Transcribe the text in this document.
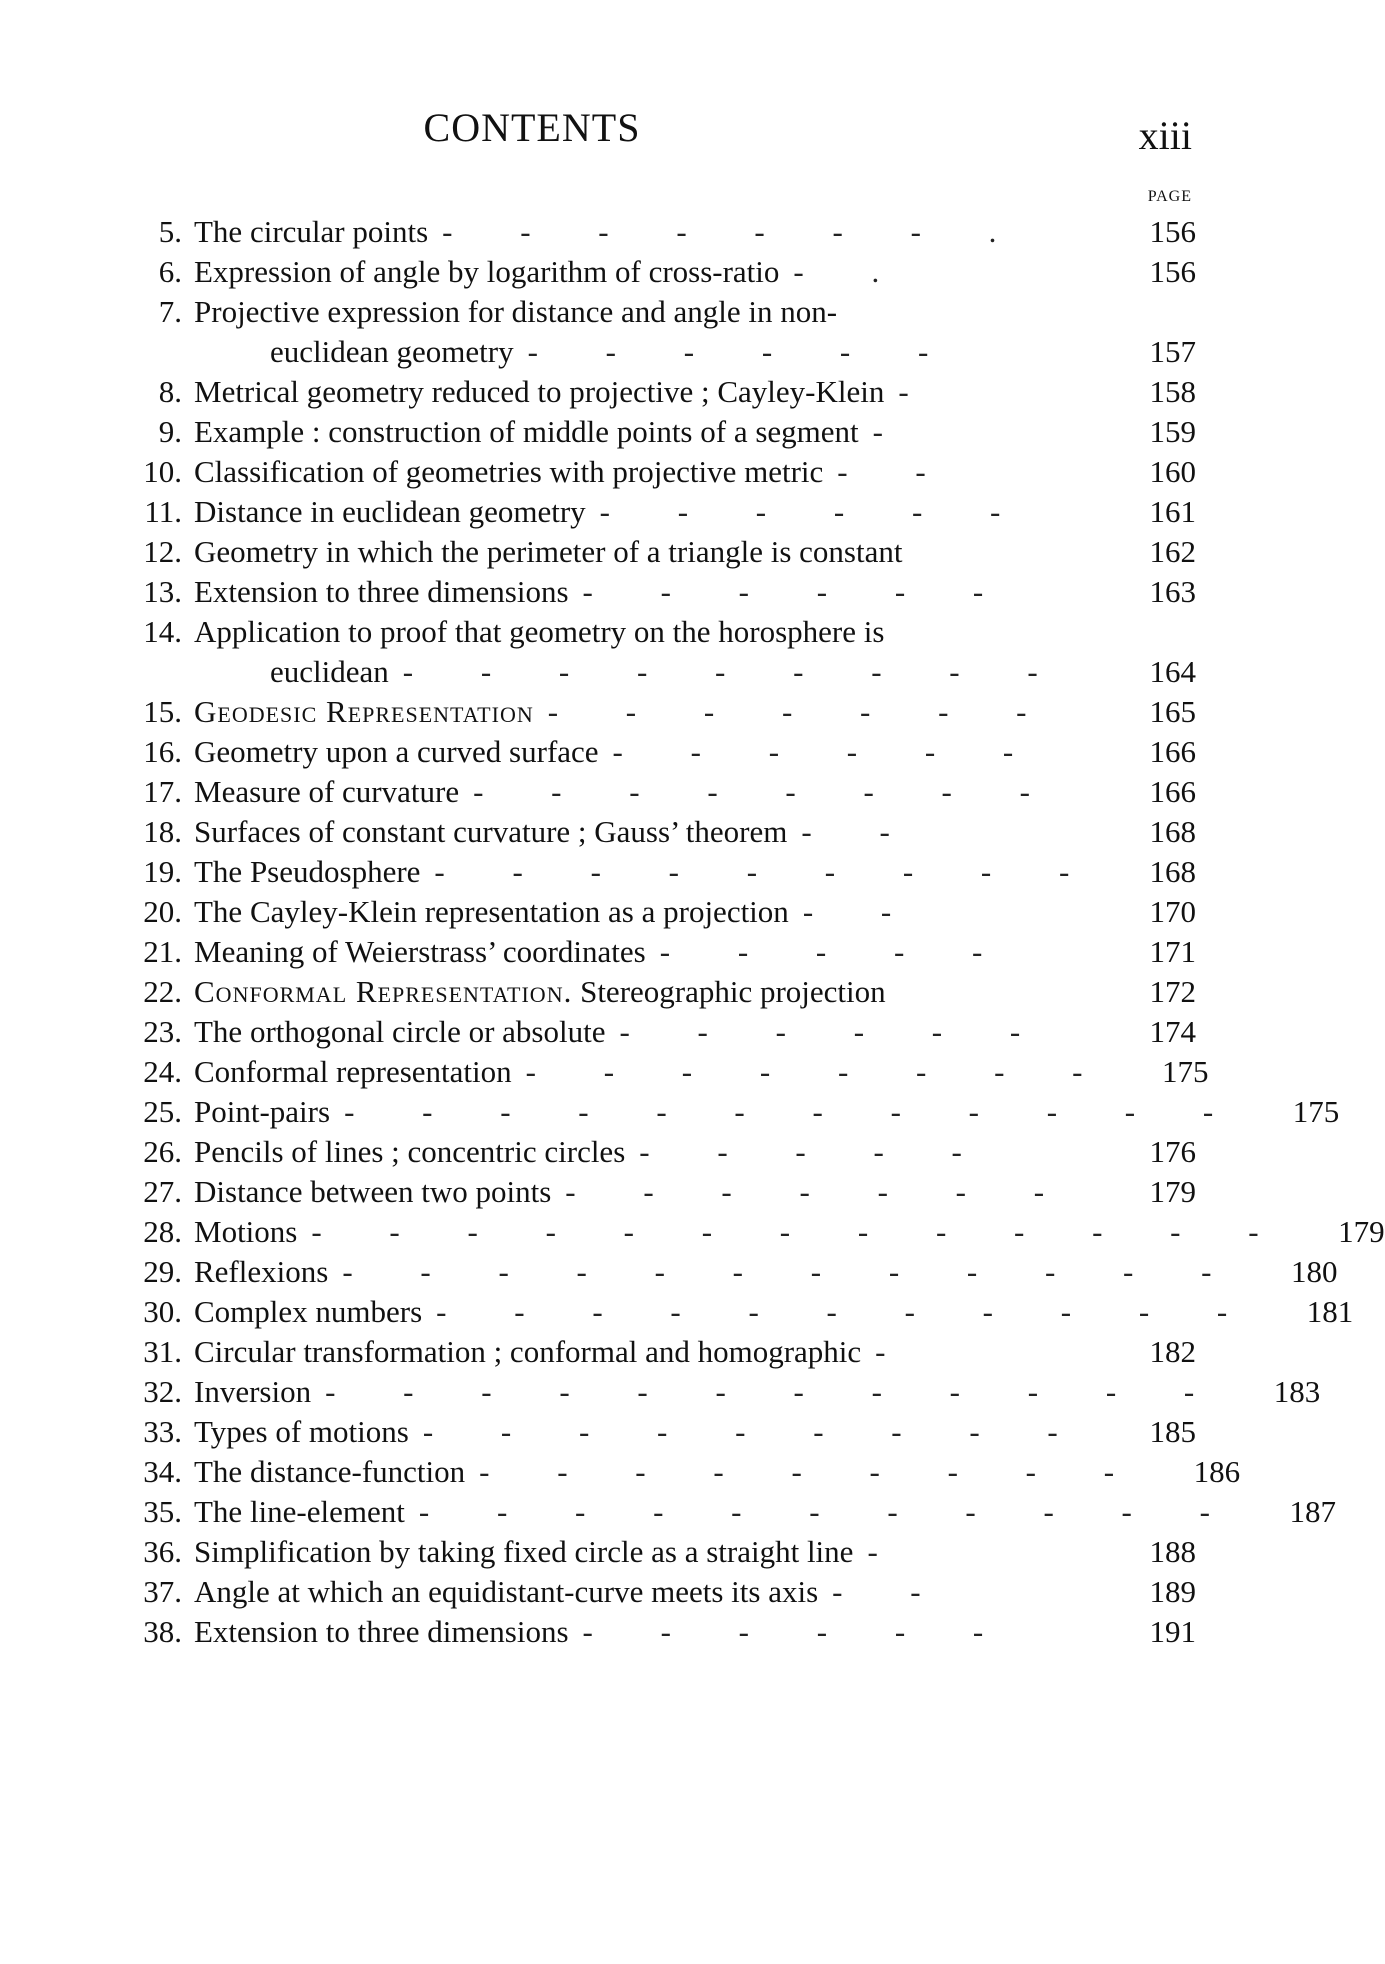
CONTENTS	xiii
PAGE
5. The circular points - - - - - - - .	156
6. Expression of angle by logarithm of cross-ratio - .	156
7. Projective expression for distance and angle in non-
euclidean geometry - - - - - -	157
8. Metrical geometry reduced to projective ; Cayley-Klein -	158
9. Example : construction of middle points of a segment -	159
10. Classification of geometries with projective metric - -	160
11. Distance in euclidean geometry - - - - - -	161
12. Geometry in which the perimeter of a triangle is constant	162
13. Extension to three dimensions - - - - - -	163
14. Application to proof that geometry on the horosphere is
euclidean - - - - - - - - -	164
15. Geodesic Representation - - - - - - -	165
16. Geometry upon a curved surface - - - - - -	166
17. Measure of curvature - - - - - - - -	166
18. Surfaces of constant curvature ; Gauss’ theorem - -	168
19. The Pseudosphere - - - - - - - - -	168
20. The Cayley-Klein representation as a projection - -	170
21. Meaning of Weierstrass’ coordinates - - - - -	171
22. Conformal Representation. Stereographic projection	172
23. The orthogonal circle or absolute - - - - - -	174
24. Conformal representation - - - - - - - -	175
25. Point-pairs - - - - - - - - - - - -	175
26. Pencils of lines ; concentric circles - - - - -	176
27. Distance between two points - - - - - - -	179
28. Motions - - - - - - - - - - - - -	179
29. Reflexions - - - - - - - - - - - -	180
30. Complex numbers - - - - - - - - - - -	181
31. Circular transformation ; conformal and homographic -	182
32. Inversion - - - - - - - - - - - -	183
33. Types of motions - - - - - - - - -	185
34. The distance-function - - - - - - - - -	186
35. The line-element - - - - - - - - - - -	187
36. Simplification by taking fixed circle as a straight line -	188
37. Angle at which an equidistant-curve meets its axis - -	189
38. Extension to three dimensions - - - - - -	191
